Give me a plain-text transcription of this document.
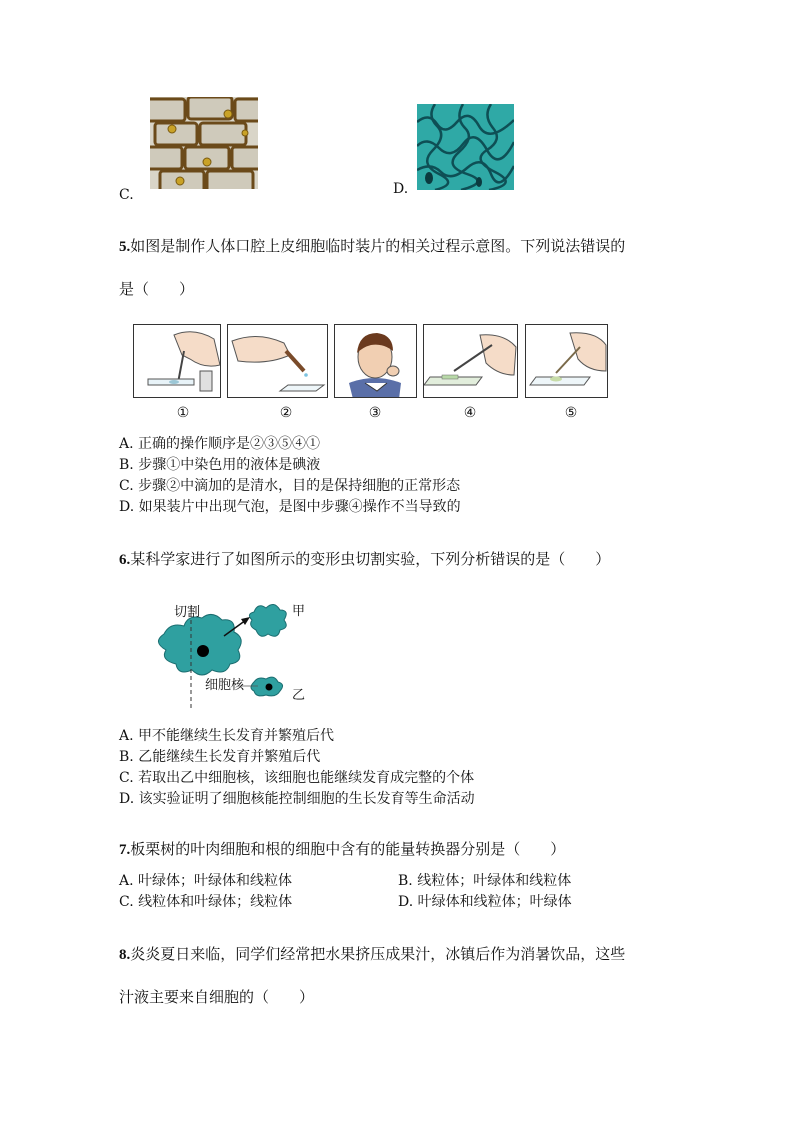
C.	D.
5.如图是制作人体口腔上皮细胞临时装片的相关过程示意图。下列说法错误的
是（　　）
①	②	③	④	⑤
A. 正确的操作顺序是②③⑤④①
B. 步骤①中染色用的液体是碘液
C. 步骤②中滴加的是清水，目的是保持细胞的正常形态
D. 如果装片中出现气泡，是图中步骤④操作不当导致的
6.某科学家进行了如图所示的变形虫切割实验，下列分析错误的是（　　）
切割	甲
细胞核
乙
A. 甲不能继续生长发育并繁殖后代
B. 乙能继续生长发育并繁殖后代
C. 若取出乙中细胞核，该细胞也能继续发育成完整的个体
D. 该实验证明了细胞核能控制细胞的生长发育等生命活动
7.板栗树的叶肉细胞和根的细胞中含有的能量转换器分别是（　　）
A. 叶绿体；叶绿体和线粒体	B. 线粒体；叶绿体和线粒体
C. 线粒体和叶绿体；线粒体	D. 叶绿体和线粒体；叶绿体
8.炎炎夏日来临，同学们经常把水果挤压成果汁，冰镇后作为消暑饮品，这些
汁液主要来自细胞的（　　）
